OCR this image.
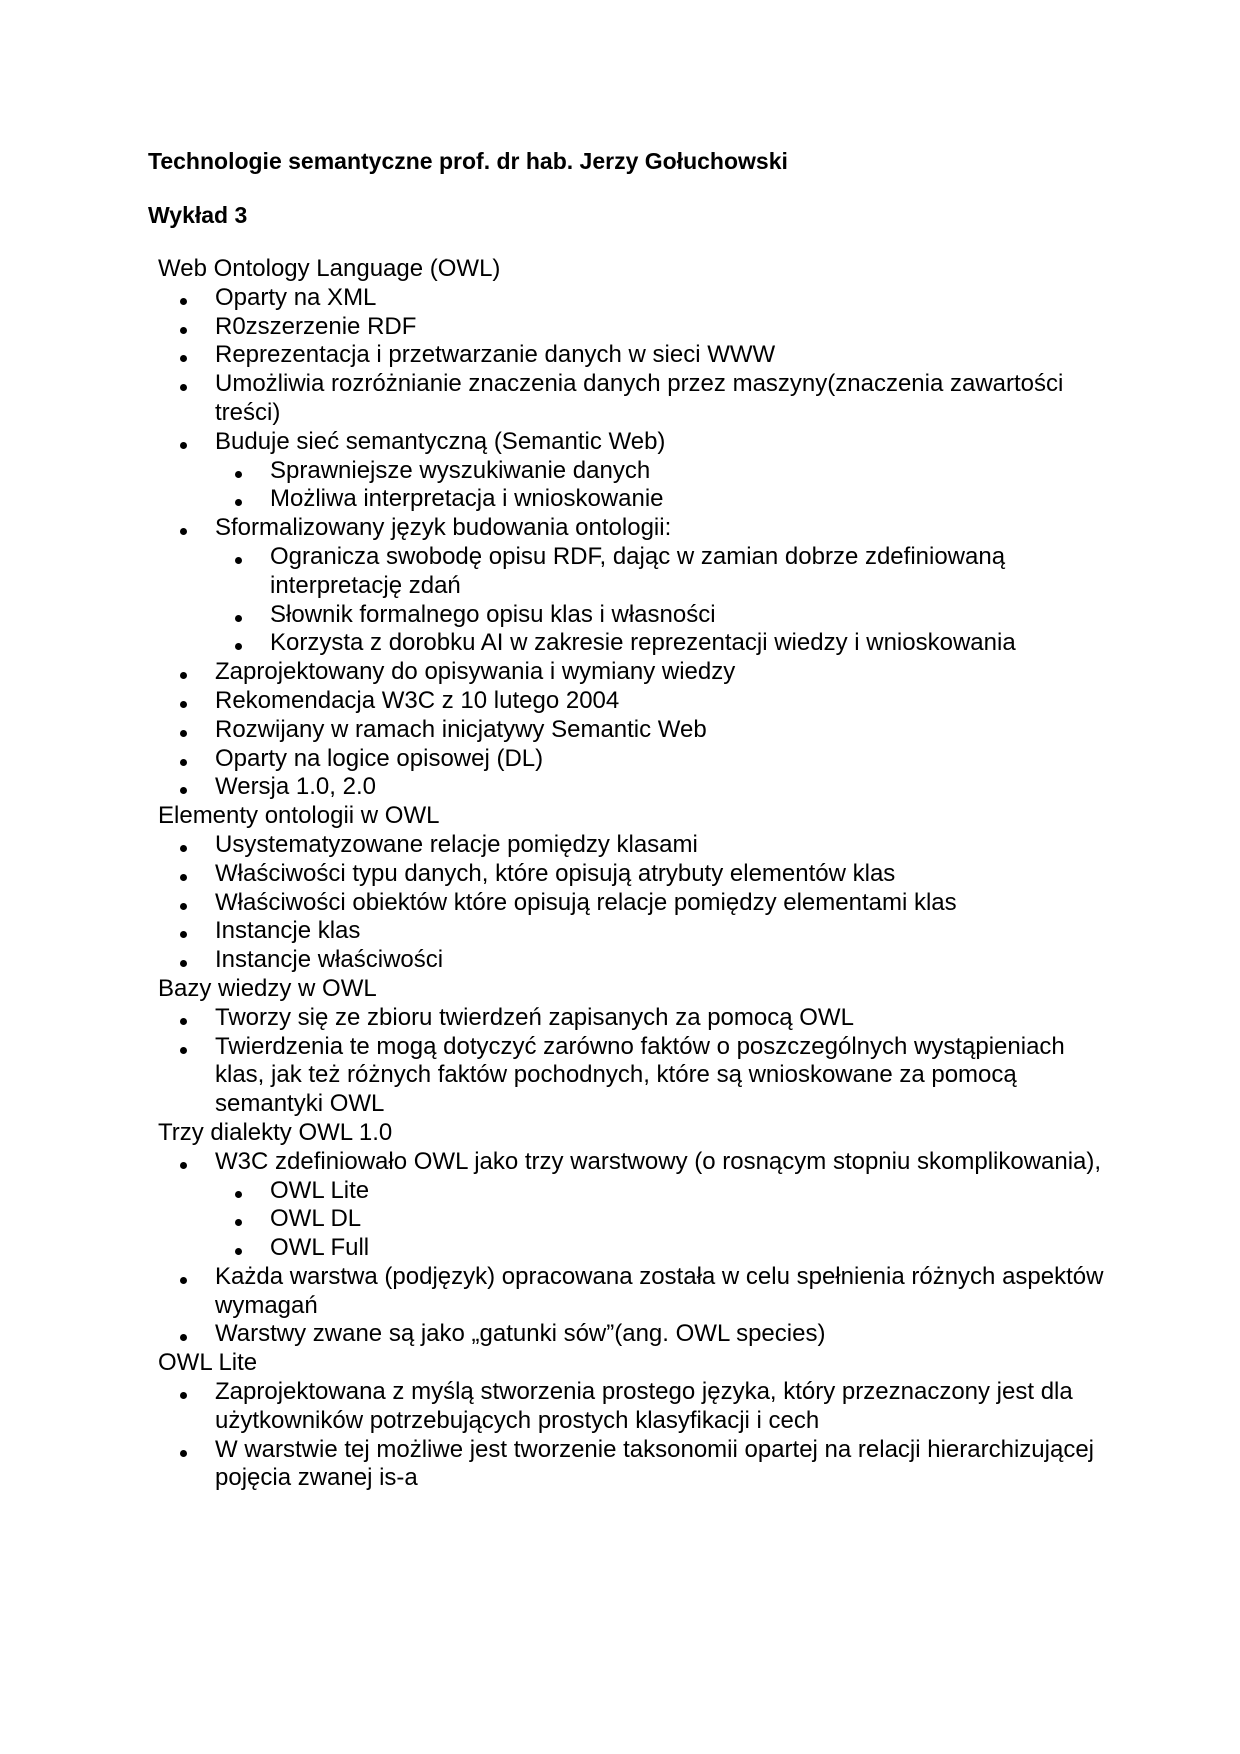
Technologie semantyczne prof. dr hab. Jerzy Gołuchowski
Wykład 3
Web Ontology Language (OWL)
Oparty na XML
R0zszerzenie RDF
Reprezentacja i przetwarzanie danych w sieci WWW
Umożliwia rozróżnianie znaczenia danych przez maszyny(znaczenia zawartości treści)
Buduje sieć semantyczną (Semantic Web)
Sprawniejsze wyszukiwanie danych
Możliwa interpretacja i wnioskowanie
Sformalizowany język budowania ontologii:
Ogranicza swobodę opisu RDF, dając w zamian dobrze zdefiniowaną interpretację zdań
Słownik formalnego opisu klas i własności
Korzysta z dorobku AI w zakresie reprezentacji wiedzy i wnioskowania
Zaprojektowany do opisywania i wymiany wiedzy
Rekomendacja W3C z 10 lutego 2004
Rozwijany w ramach inicjatywy Semantic Web
Oparty na logice opisowej (DL)
Wersja 1.0, 2.0
Elementy ontologii w OWL
Usystematyzowane relacje pomiędzy klasami
Właściwości typu danych, które opisują atrybuty elementów klas
Właściwości obiektów które opisują relacje pomiędzy elementami klas
Instancje klas
Instancje właściwości
Bazy wiedzy w OWL
Tworzy się ze zbioru twierdzeń zapisanych za pomocą OWL
Twierdzenia te mogą dotyczyć zarówno faktów o poszczególnych wystąpieniach klas, jak też różnych faktów pochodnych, które są wnioskowane za pomocą semantyki OWL
Trzy dialekty OWL 1.0
W3C zdefiniowało OWL jako trzy warstwowy (o rosnącym stopniu skomplikowania),
OWL Lite
OWL DL
OWL Full
Każda warstwa (podjęzyk) opracowana została w celu spełnienia różnych aspektów wymagań
Warstwy zwane są jako „gatunki sów”(ang. OWL species)
OWL Lite
Zaprojektowana z myślą stworzenia prostego języka, który przeznaczony jest dla użytkowników potrzebujących prostych klasyfikacji i cech
W warstwie tej możliwe jest tworzenie taksonomii opartej na relacji hierarchizującej pojęcia zwanej is-a
